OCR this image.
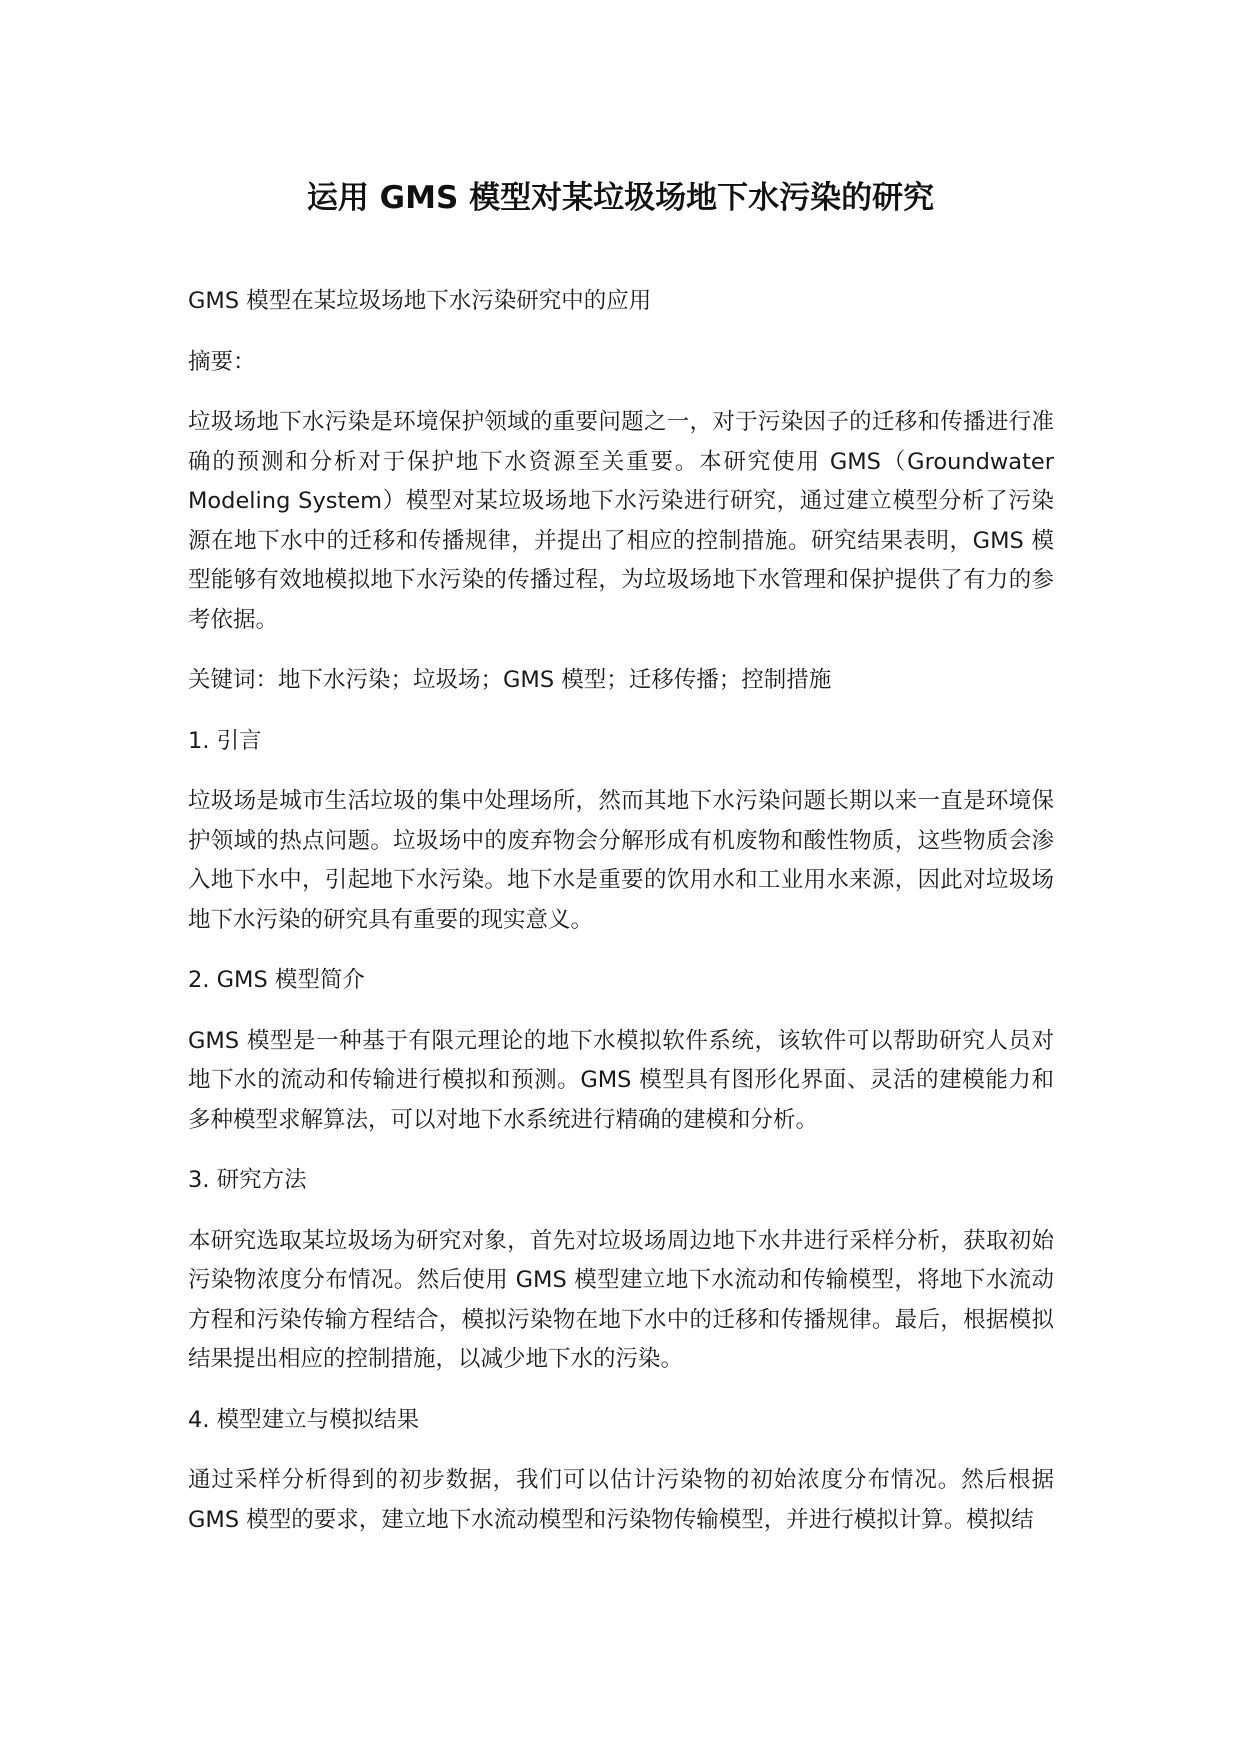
运用 GMS 模型对某垃圾场地下水污染的研究

GMS 模型在某垃圾场地下水污染研究中的应用

摘要：

垃圾场地下水污染是环境保护领域的重要问题之一，对于污染因子的迁移和传播进行准确的预测和分析对于保护地下水资源至关重要。本研究使用 GMS（Groundwater Modeling System）模型对某垃圾场地下水污染进行研究，通过建立模型分析了污染源在地下水中的迁移和传播规律，并提出了相应的控制措施。研究结果表明，GMS 模型能够有效地模拟地下水污染的传播过程，为垃圾场地下水管理和保护提供了有力的参考依据。

关键词：地下水污染；垃圾场；GMS 模型；迁移传播；控制措施

1. 引言

垃圾场是城市生活垃圾的集中处理场所，然而其地下水污染问题长期以来一直是环境保护领域的热点问题。垃圾场中的废弃物会分解形成有机废物和酸性物质，这些物质会渗入地下水中，引起地下水污染。地下水是重要的饮用水和工业用水来源，因此对垃圾场地下水污染的研究具有重要的现实意义。

2. GMS 模型简介

GMS 模型是一种基于有限元理论的地下水模拟软件系统，该软件可以帮助研究人员对地下水的流动和传输进行模拟和预测。GMS 模型具有图形化界面、灵活的建模能力和多种模型求解算法，可以对地下水系统进行精确的建模和分析。

3. 研究方法

本研究选取某垃圾场为研究对象，首先对垃圾场周边地下水井进行采样分析，获取初始污染物浓度分布情况。然后使用 GMS 模型建立地下水流动和传输模型，将地下水流动方程和污染传输方程结合，模拟污染物在地下水中的迁移和传播规律。最后，根据模拟结果提出相应的控制措施，以减少地下水的污染。

4. 模型建立与模拟结果

通过采样分析得到的初步数据，我们可以估计污染物的初始浓度分布情况。然后根据 GMS 模型的要求，建立地下水流动模型和污染物传输模型，并进行模拟计算。模拟结
